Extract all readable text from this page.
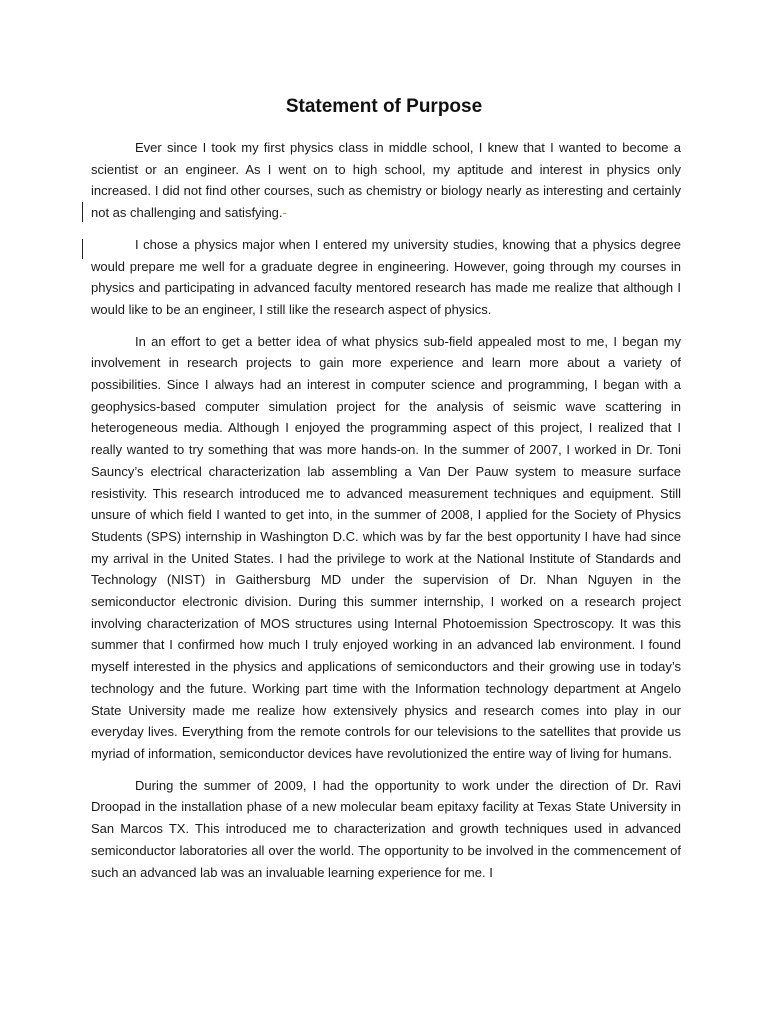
Statement of Purpose

Ever since I took my first physics class in middle school, I knew that I wanted to become a scientist or an engineer. As I went on to high school, my aptitude and interest in physics only increased. I did not find other courses, such as chemistry or biology nearly as interesting and certainly not as challenging and satisfying.-

I chose a physics major when I entered my university studies, knowing that a physics degree would prepare me well for a graduate degree in engineering. However, going through my courses in physics and participating in advanced faculty mentored research has made me realize that although I would like to be an engineer, I still like the research aspect of physics.

In an effort to get a better idea of what physics sub-field appealed most to me, I began my involvement in research projects to gain more experience and learn more about a variety of possibilities. Since I always had an interest in computer science and programming, I began with a geophysics-based computer simulation project for the analysis of seismic wave scattering in heterogeneous media. Although I enjoyed the programming aspect of this project, I realized that I really wanted to try something that was more hands-on. In the summer of 2007, I worked in Dr. Toni Sauncy’s electrical characterization lab assembling a Van Der Pauw system to measure surface resistivity. This research introduced me to advanced measurement techniques and equipment. Still unsure of which field I wanted to get into, in the summer of 2008, I applied for the Society of Physics Students (SPS) internship in Washington D.C. which was by far the best opportunity I have had since my arrival in the United States. I had the privilege to work at the National Institute of Standards and Technology (NIST) in Gaithersburg MD under the supervision of Dr. Nhan Nguyen in the semiconductor electronic division. During this summer internship, I worked on a research project involving characterization of MOS structures using Internal Photoemission Spectroscopy. It was this summer that I confirmed how much I truly enjoyed working in an advanced lab environment. I found myself interested in the physics and applications of semiconductors and their growing use in today’s technology and the future. Working part time with the Information technology department at Angelo State University made me realize how extensively physics and research comes into play in our everyday lives. Everything from the remote controls for our televisions to the satellites that provide us myriad of information, semiconductor devices have revolutionized the entire way of living for humans.

During the summer of 2009, I had the opportunity to work under the direction of Dr. Ravi Droopad in the installation phase of a new molecular beam epitaxy facility at Texas State University in San Marcos TX. This introduced me to characterization and growth techniques used in advanced semiconductor laboratories all over the world. The opportunity to be involved in the commencement of such an advanced lab was an invaluable learning experience for me. I
